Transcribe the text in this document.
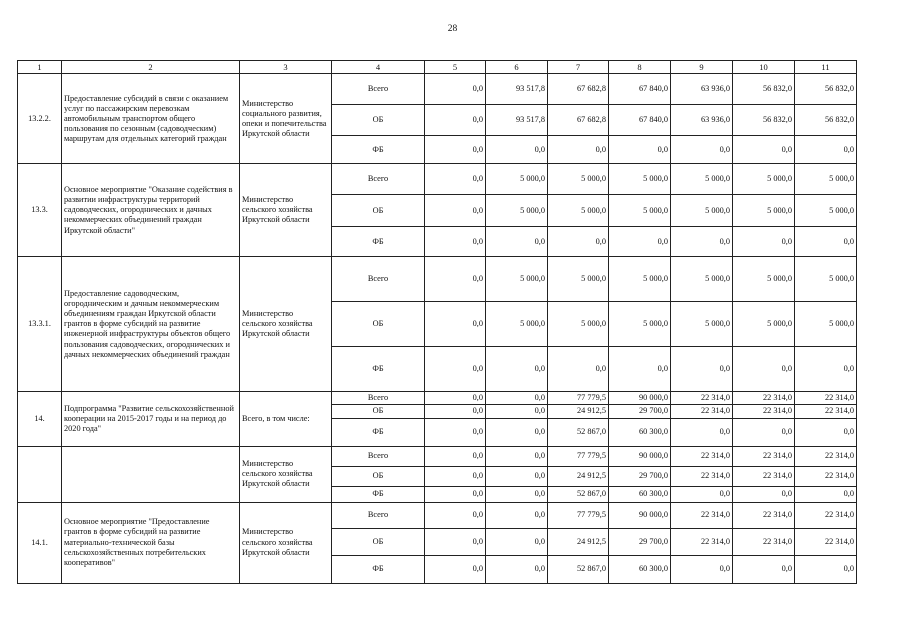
28
1	2	3	4	5	6	7	8	9	10	11
13.2.2.	Предоставление субсидий в связи с оказанием услуг по пассажирским перевозкам автомобильным транспортом общего пользования по сезонным (садоводческим) маршрутам для отдельных категорий граждан	Министерство социального развития, опеки и попечительства Иркутской области	Всего	0,0	93 517,8	67 682,8	67 840,0	63 936,0	56 832,0	56 832,0
			ОБ	0,0	93 517,8	67 682,8	67 840,0	63 936,0	56 832,0	56 832,0
			ФБ	0,0	0,0	0,0	0,0	0,0	0,0	0,0
13.3.	Основное мероприятие "Оказание содействия в развитии инфраструктуры территорий садоводческих, огороднических и дачных некоммерческих объединений граждан Иркутской области"	Министерство сельского хозяйства Иркутской области	Всего	0,0	5 000,0	5 000,0	5 000,0	5 000,0	5 000,0	5 000,0
			ОБ	0,0	5 000,0	5 000,0	5 000,0	5 000,0	5 000,0	5 000,0
			ФБ	0,0	0,0	0,0	0,0	0,0	0,0	0,0
13.3.1.	Предоставление садоводческим, огородническим и дачным некоммерческим объединениям граждан Иркутской области грантов в форме субсидий на развитие инженерной инфраструктуры объектов общего пользования садоводческих, огороднических и дачных некоммерческих объединений граждан	Министерство сельского хозяйства Иркутской области	Всего	0,0	5 000,0	5 000,0	5 000,0	5 000,0	5 000,0	5 000,0
			ОБ	0,0	5 000,0	5 000,0	5 000,0	5 000,0	5 000,0	5 000,0
			ФБ	0,0	0,0	0,0	0,0	0,0	0,0	0,0
14.	Подпрограмма "Развитие сельскохозяйственной кооперации на 2015-2017 годы и на период до 2020 года"	Всего, в том числе:	Всего	0,0	0,0	77 779,5	90 000,0	22 314,0	22 314,0	22 314,0
			ОБ	0,0	0,0	24 912,5	29 700,0	22 314,0	22 314,0	22 314,0
			ФБ	0,0	0,0	52 867,0	60 300,0	0,0	0,0	0,0
		Министерство сельского хозяйства Иркутской области	Всего	0,0	0,0	77 779,5	90 000,0	22 314,0	22 314,0	22 314,0
			ОБ	0,0	0,0	24 912,5	29 700,0	22 314,0	22 314,0	22 314,0
			ФБ	0,0	0,0	52 867,0	60 300,0	0,0	0,0	0,0
14.1.	Основное мероприятие "Предоставление грантов в форме субсидий на развитие материально-технической базы сельскохозяйственных потребительских кооперативов"	Министерство сельского хозяйства Иркутской области	Всего	0,0	0,0	77 779,5	90 000,0	22 314,0	22 314,0	22 314,0
			ОБ	0,0	0,0	24 912,5	29 700,0	22 314,0	22 314,0	22 314,0
			ФБ	0,0	0,0	52 867,0	60 300,0	0,0	0,0	0,0
